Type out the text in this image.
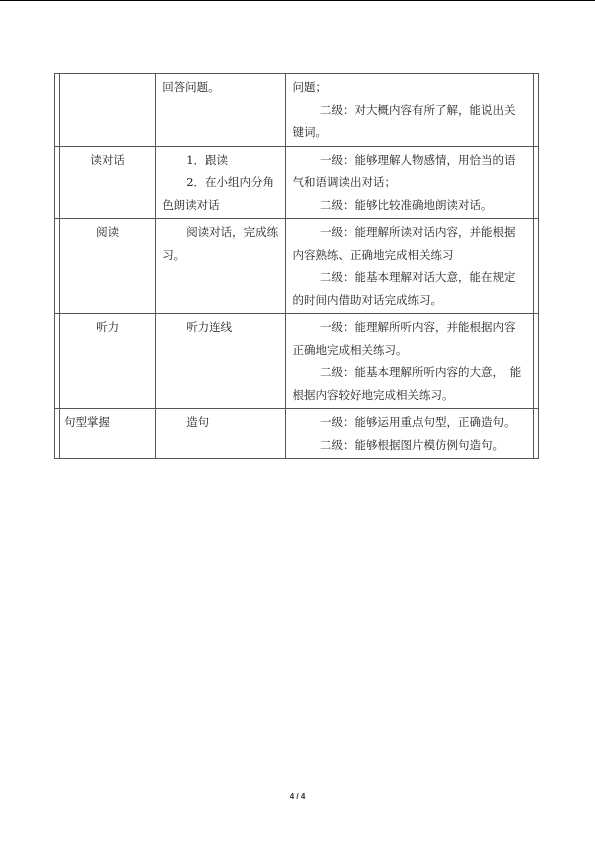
		回答问题。	问题；
二级：对大概内容有所了解，能说出关键词。	

	读对话	1．跟读
2．在小组内分角色朗读对话	一级：能够理解人物感情，用恰当的语气和语调读出对话；
二级：能够比较准确地朗读对话。	

	阅读	阅读对话，完成练习。	一级：能理解所读对话内容，并能根据内容熟练、正确地完成相关练习
二级：能基本理解对话大意，能在规定的时间内借助对话完成练习。	

	听力	听力连线	一级：能理解所听内容，并能根据内容正确地完成相关练习。
二级：能基本理解所听内容的大意，　能根据内容较好地完成相关练习。	

	句型掌握	造句	一级：能够运用重点句型，正确造句。
二级：能够根据图片模仿例句造句。	

4 / 4
